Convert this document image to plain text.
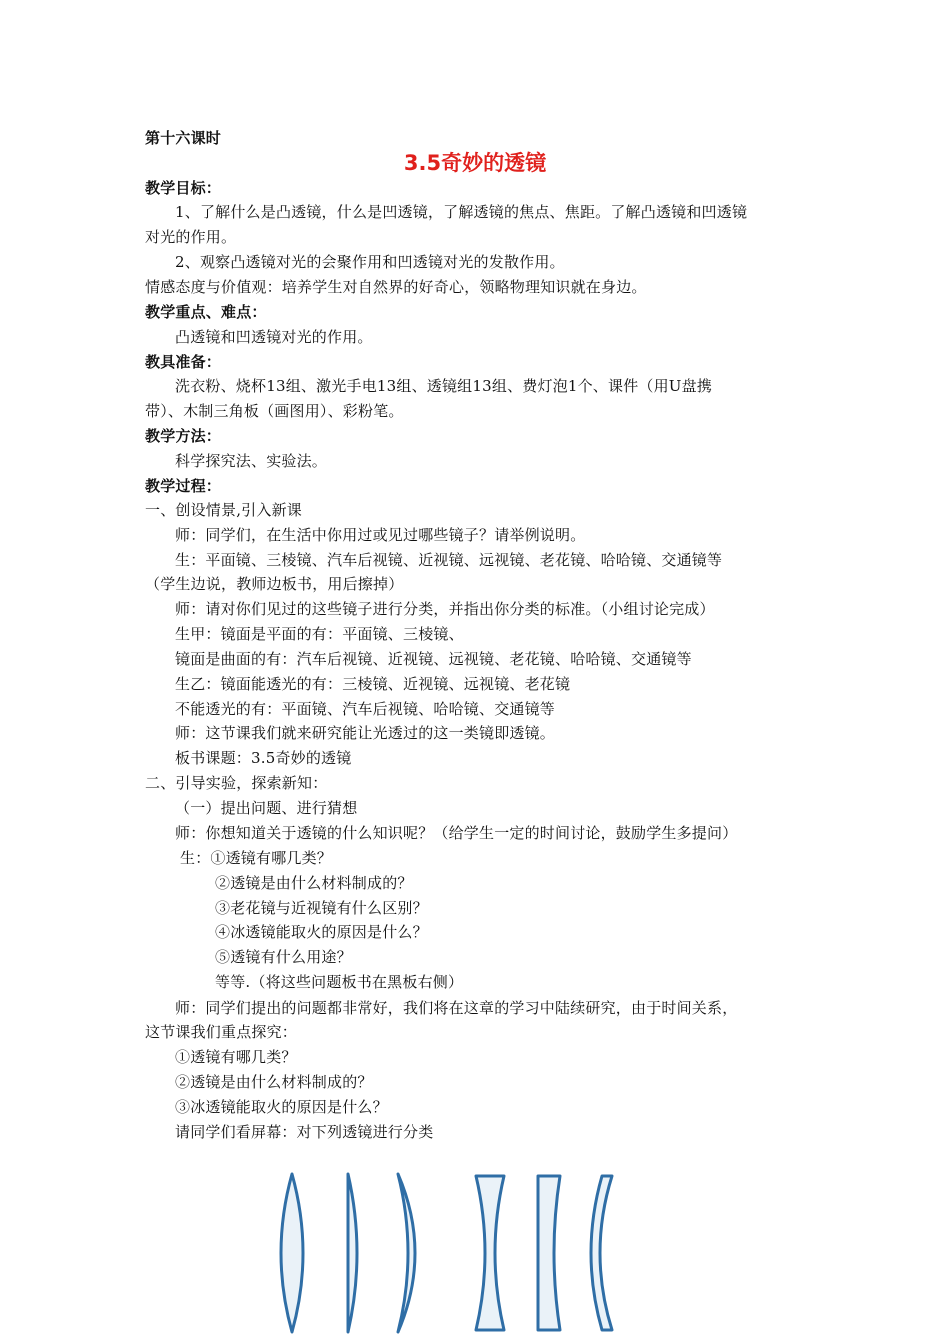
第十六课时
3.5奇妙的透镜
教学目标：
1、了解什么是凸透镜，什么是凹透镜，了解透镜的焦点、焦距。了解凸透镜和凹透镜
对光的作用。
2、观察凸透镜对光的会聚作用和凹透镜对光的发散作用。
情感态度与价值观：培养学生对自然界的好奇心，领略物理知识就在身边。
教学重点、难点：
凸透镜和凹透镜对光的作用。
教具准备：
洗衣粉、烧杯13组、激光手电13组、透镜组13组、费灯泡1个、课件（用U盘携
带）、木制三角板（画图用）、彩粉笔。
教学方法：
科学探究法、实验法。
教学过程：
一、创设情景,引入新课
师：同学们，在生活中你用过或见过哪些镜子？请举例说明。
生：平面镜、三棱镜、汽车后视镜、近视镜、远视镜、老花镜、哈哈镜、交通镜等
（学生边说，教师边板书，用后擦掉）
师：请对你们见过的这些镜子进行分类，并指出你分类的标准。（小组讨论完成）
生甲：镜面是平面的有：平面镜、三棱镜、
镜面是曲面的有：汽车后视镜、近视镜、远视镜、老花镜、哈哈镜、交通镜等
生乙：镜面能透光的有：三棱镜、近视镜、远视镜、老花镜
不能透光的有：平面镜、汽车后视镜、哈哈镜、交通镜等
师：这节课我们就来研究能让光透过的这一类镜即透镜。
板书课题：3.5奇妙的透镜
二、引导实验，探索新知：
（一）提出问题、进行猜想
师：你想知道关于透镜的什么知识呢？（给学生一定的时间讨论，鼓励学生多提问）
生：①透镜有哪几类？
②透镜是由什么材料制成的？
③老花镜与近视镜有什么区别？
④冰透镜能取火的原因是什么？
⑤透镜有什么用途？
等等.（将这些问题板书在黑板右侧）
师：同学们提出的问题都非常好，我们将在这章的学习中陆续研究，由于时间关系，
这节课我们重点探究：
①透镜有哪几类？
②透镜是由什么材料制成的？
③冰透镜能取火的原因是什么？
请同学们看屏幕：对下列透镜进行分类
